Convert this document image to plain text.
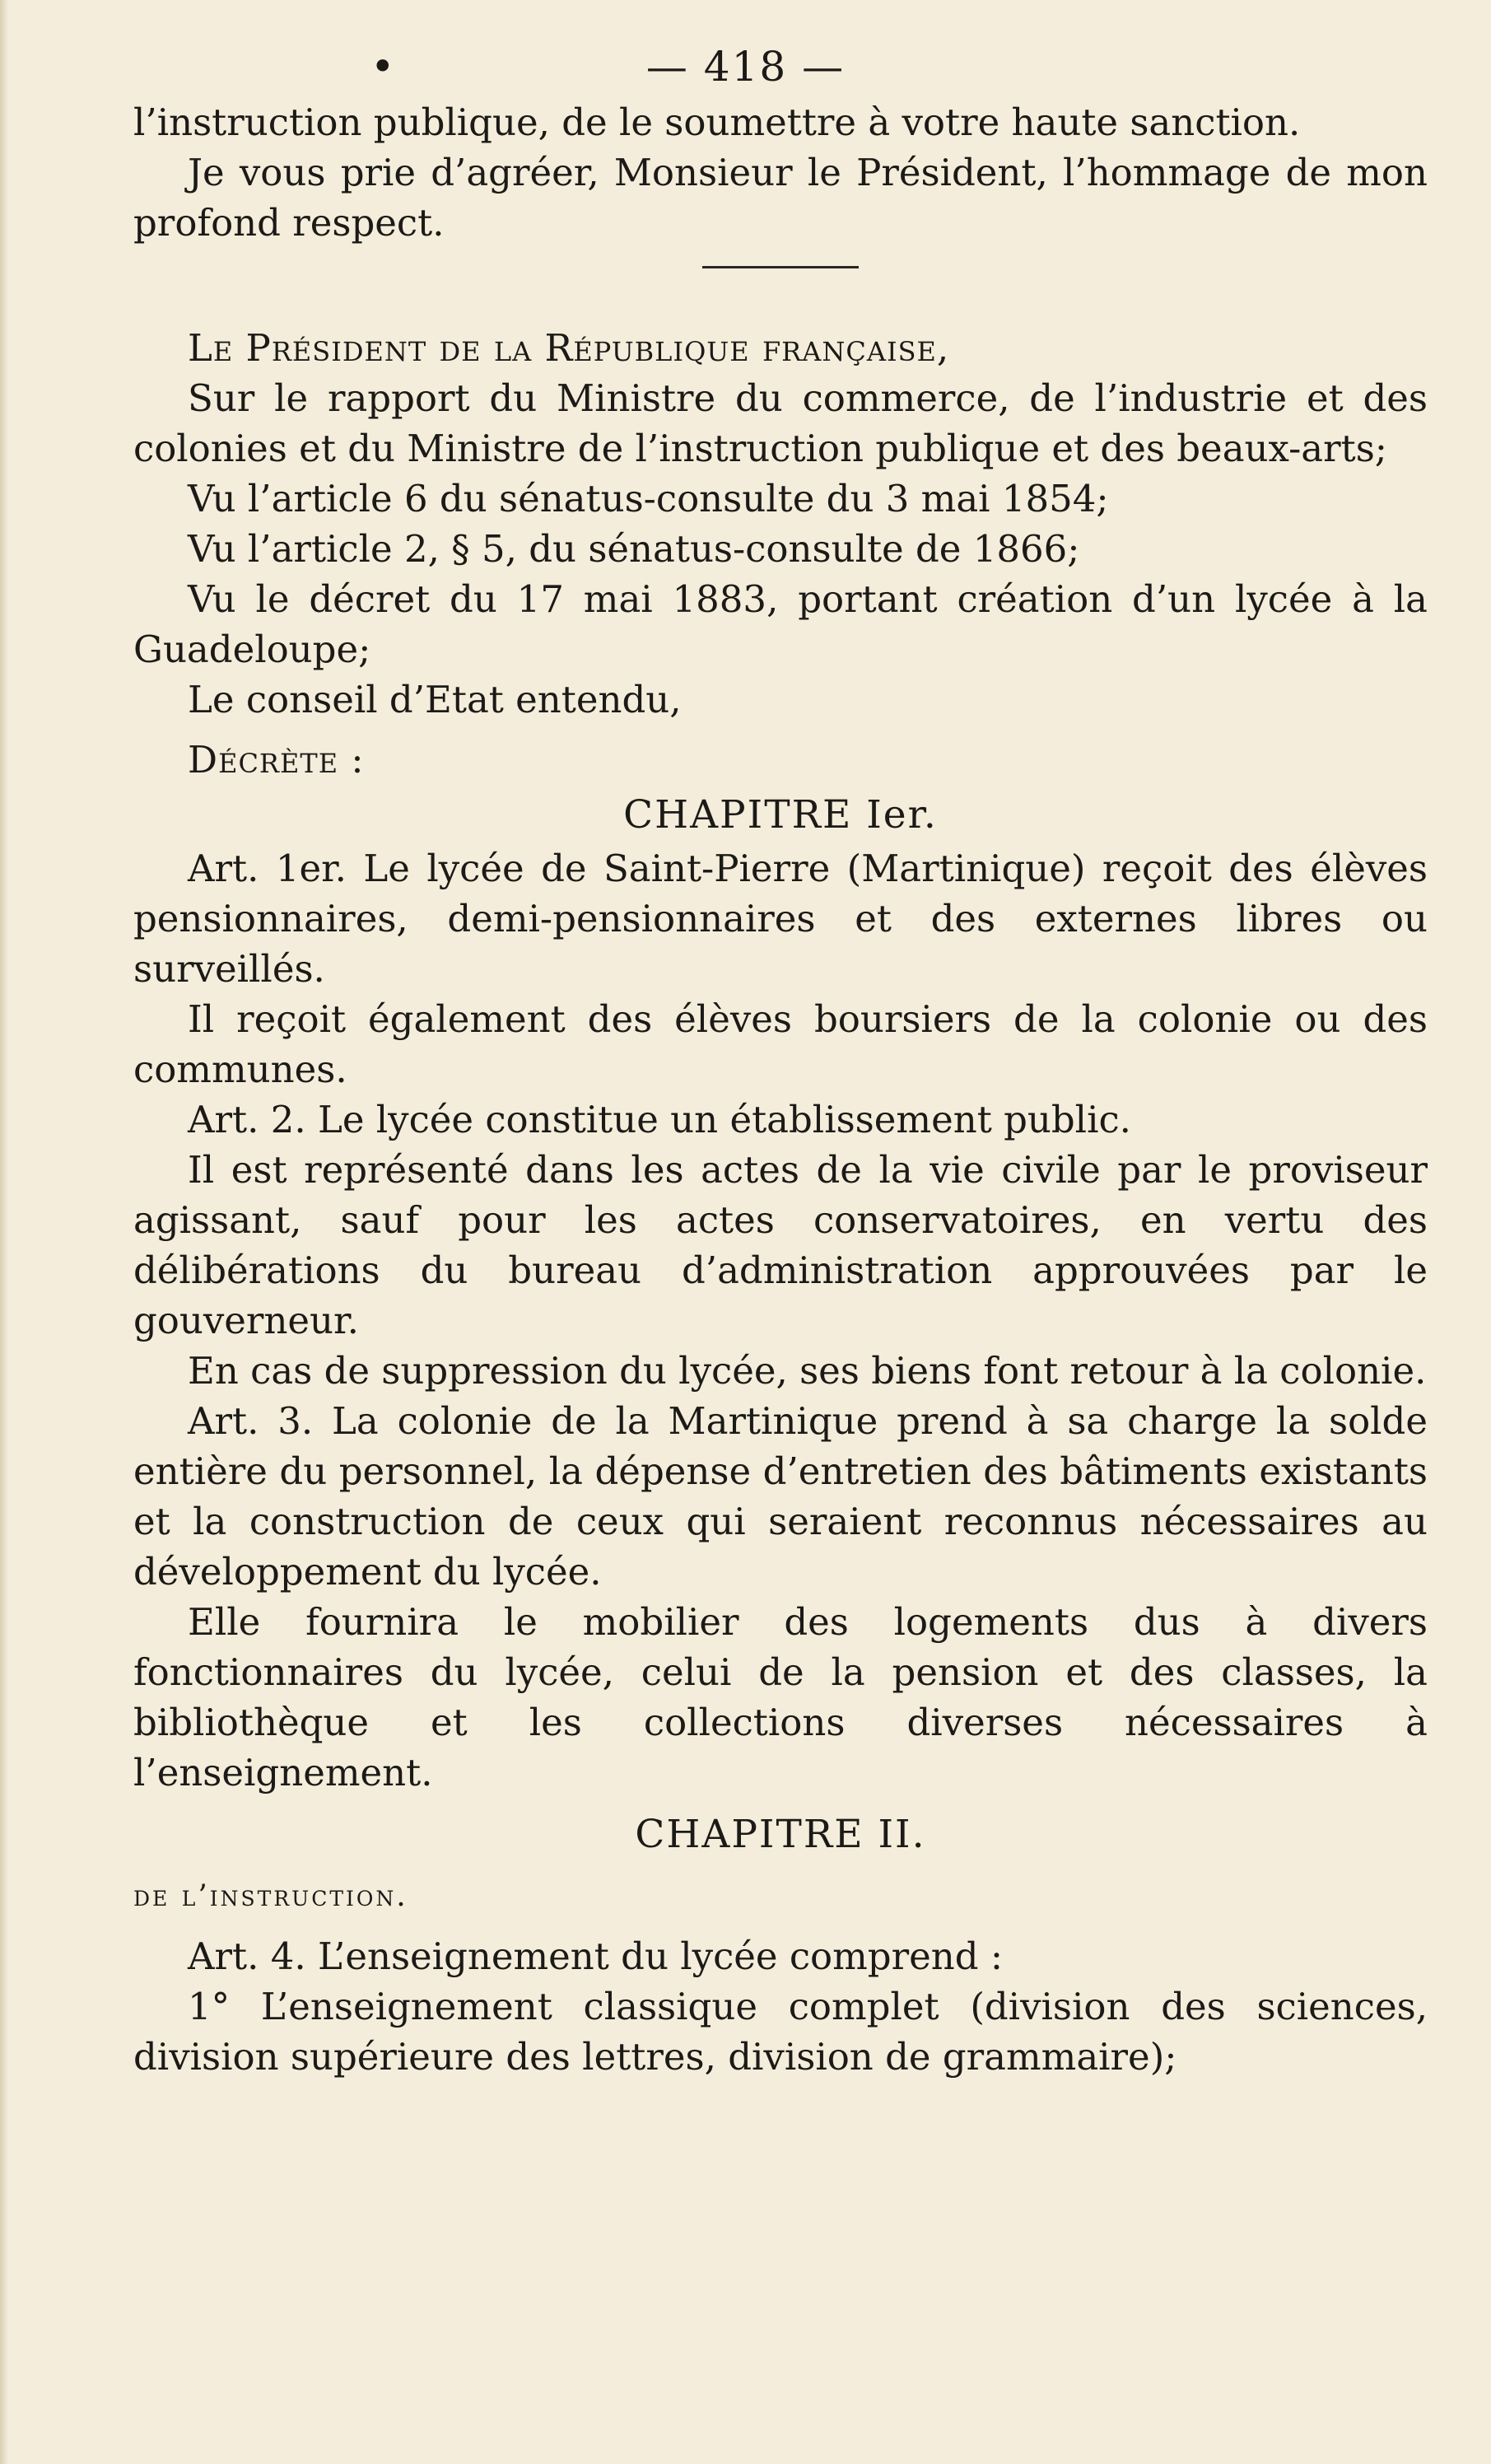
•	— 418 —

l’instruction publique, de le soumettre à votre haute sanction.

Je vous prie d’agréer, Monsieur le Président, l’hommage de mon profond respect.

Le Président de la République française,

Sur le rapport du Ministre du commerce, de l’industrie et des colonies et du Ministre de l’instruction publique et des beaux-arts;

Vu l’article 6 du sénatus-consulte du 3 mai 1854;

Vu l’article 2, § 5, du sénatus-consulte de 1866;

Vu le décret du 17 mai 1883, portant création d’un lycée à la Guadeloupe;

Le conseil d’Etat entendu,

Décrète :

CHAPITRE Ier.

Art. 1er. Le lycée de Saint-Pierre (Martinique) reçoit des élèves pensionnaires, demi-pensionnaires et des externes libres ou surveillés.

Il reçoit également des élèves boursiers de la colonie ou des communes.

Art. 2. Le lycée constitue un établissement public.

Il est représenté dans les actes de la vie civile par le proviseur agissant, sauf pour les actes conservatoires, en vertu des délibérations du bureau d’administration approuvées par le gouverneur.

En cas de suppression du lycée, ses biens font retour à la colonie.

Art. 3. La colonie de la Martinique prend à sa charge la solde entière du personnel, la dépense d’entretien des bâtiments existants et la construction de ceux qui seraient reconnus nécessaires au développement du lycée.

Elle fournira le mobilier des logements dus à divers fonctionnaires du lycée, celui de la pension et des classes, la bibliothèque et les collections diverses nécessaires à l’enseignement.

CHAPITRE II.

de l’instruction.

Art. 4. L’enseignement du lycée comprend :

1° L’enseignement classique complet (division des sciences, division supérieure des lettres, division de grammaire);
